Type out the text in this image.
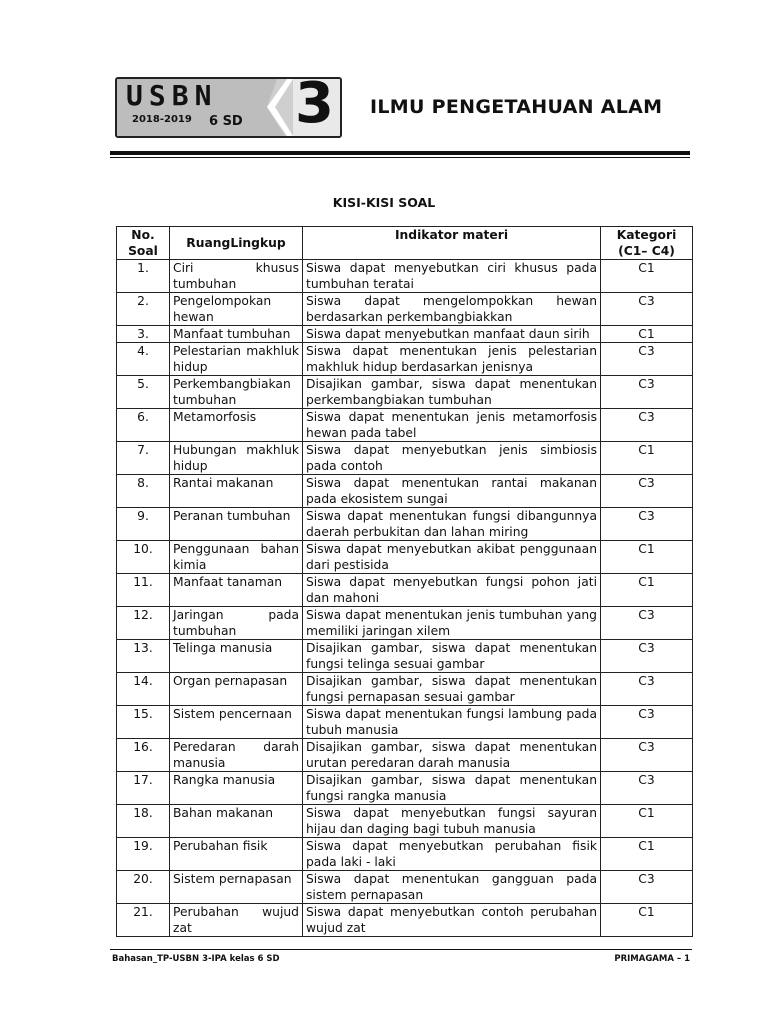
USBN
2018-2019 6 SD 3 ILMU PENGETAHUAN ALAM
KISI-KISI SOAL
No. Soal	RuangLingkup	Indikator materi	Kategori (C1– C4)
1.	Ciri khusus tumbuhan	Siswa dapat menyebutkan ciri khusus pada tumbuhan teratai	C1
2.	Pengelompokan hewan	Siswa dapat mengelompokkan hewan berdasarkan perkembangbiakkan	C3
3.	Manfaat tumbuhan	Siswa dapat menyebutkan manfaat daun sirih	C1
4.	Pelestarian makhluk hidup	Siswa dapat menentukan jenis pelestarian makhluk hidup berdasarkan jenisnya	C3
5.	Perkembangbiakan tumbuhan	Disajikan gambar, siswa dapat menentukan perkembangbiakan tumbuhan	C3
6.	Metamorfosis	Siswa dapat menentukan jenis metamorfosis hewan pada tabel	C3
7.	Hubungan makhluk hidup	Siswa dapat menyebutkan jenis simbiosis pada contoh	C1
8.	Rantai makanan	Siswa dapat menentukan rantai makanan pada ekosistem sungai	C3
9.	Peranan tumbuhan	Siswa dapat menentukan fungsi dibangunnya daerah perbukitan dan lahan miring	C3
10.	Penggunaan bahan kimia	Siswa dapat menyebutkan akibat penggunaan dari pestisida	C1
11.	Manfaat tanaman	Siswa dapat menyebutkan fungsi pohon jati dan mahoni	C1
12.	Jaringan pada tumbuhan	Siswa dapat menentukan jenis tumbuhan yang memiliki jaringan xilem	C3
13.	Telinga manusia	Disajikan gambar, siswa dapat menentukan fungsi telinga sesuai gambar	C3
14.	Organ pernapasan	Disajikan gambar, siswa dapat menentukan fungsi pernapasan sesuai gambar	C3
15.	Sistem pencernaan	Siswa dapat menentukan fungsi lambung pada tubuh manusia	C3
16.	Peredaran darah manusia	Disajikan gambar, siswa dapat menentukan urutan peredaran darah manusia	C3
17.	Rangka manusia	Disajikan gambar, siswa dapat menentukan fungsi rangka manusia	C3
18.	Bahan makanan	Siswa dapat menyebutkan fungsi sayuran hijau dan daging bagi tubuh manusia	C1
19.	Perubahan fisik	Siswa dapat menyebutkan perubahan fisik pada laki - laki	C1
20.	Sistem pernapasan	Siswa dapat menentukan gangguan pada sistem pernapasan	C3
21.	Perubahan wujud zat	Siswa dapat menyebutkan contoh perubahan wujud zat	C1
Bahasan_TP-USBN 3-IPA kelas 6 SD	PRIMAGAMA – 1
